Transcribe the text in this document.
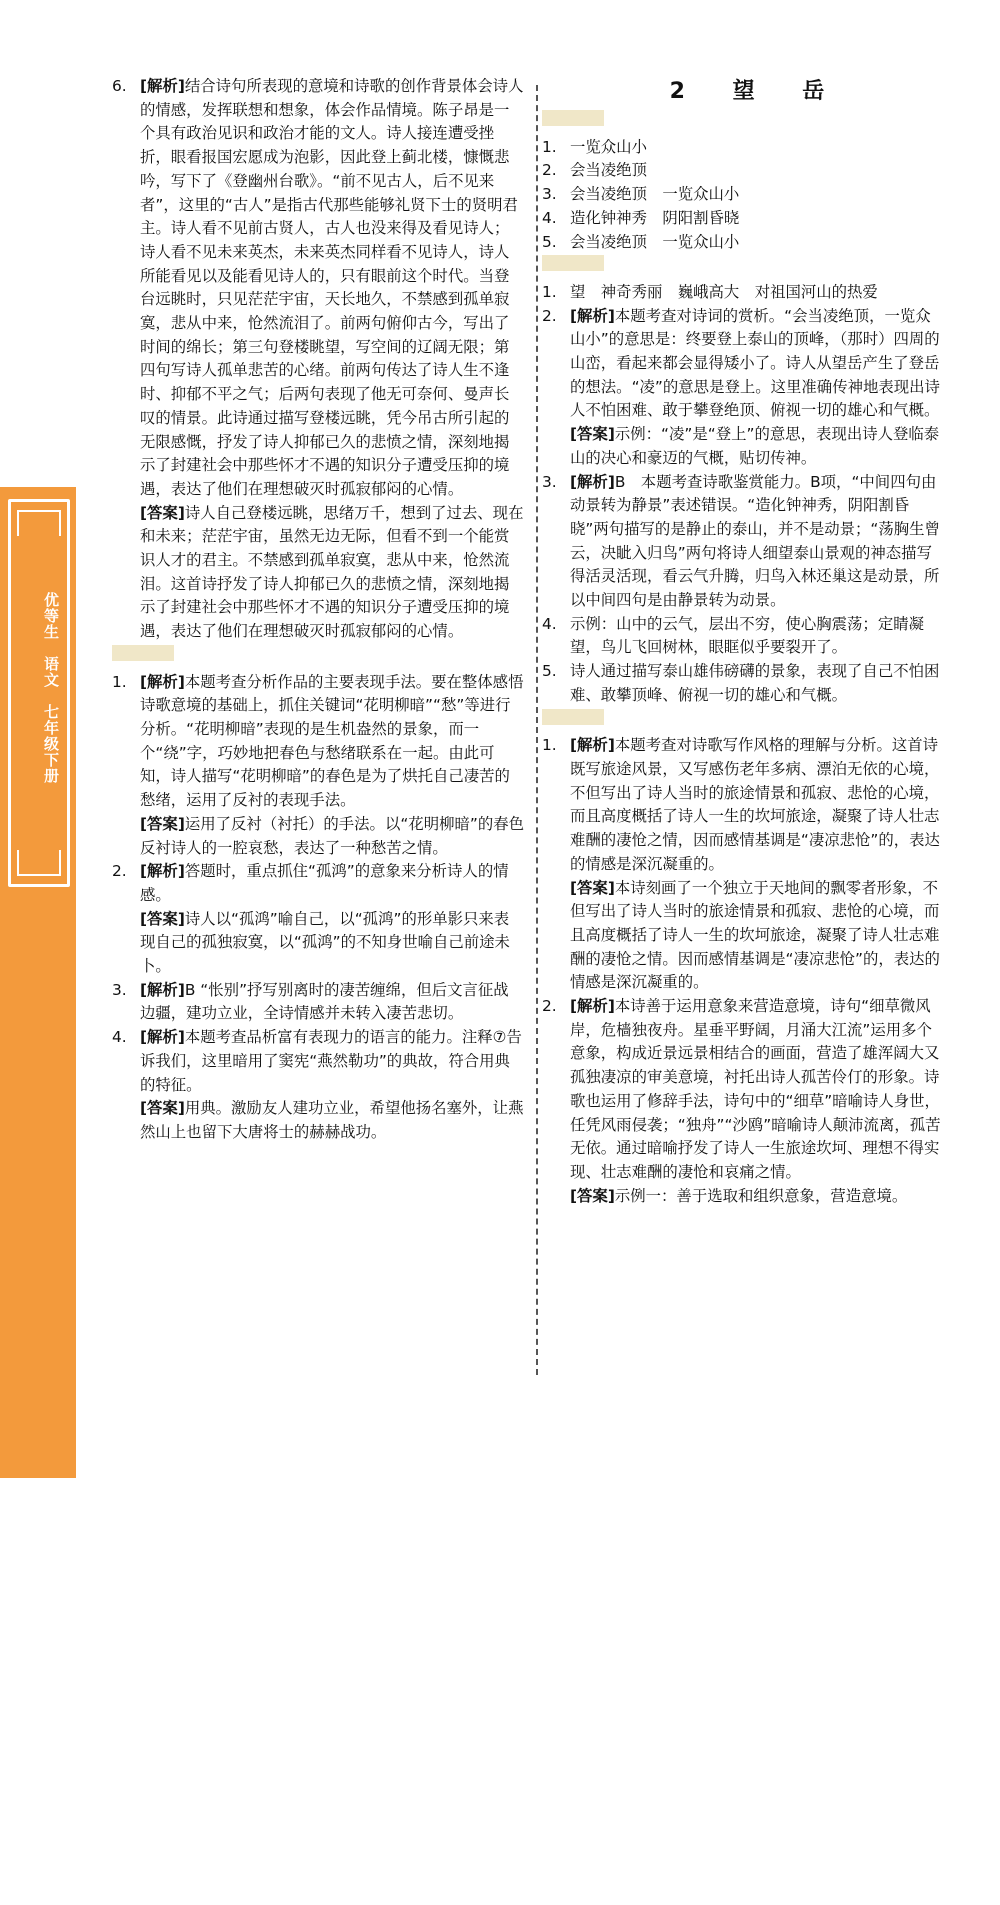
优等生 语文 七年级下册
74
6. [解析]结合诗句所表现的意境和诗歌的创作背景体会诗人的情感，发挥联想和想象，体会作品情境。陈子昂是一个具有政治见识和政治才能的文人。诗人接连遭受挫折，眼看报国宏愿成为泡影，因此登上蓟北楼，慷慨悲吟，写下了《登幽州台歌》。“前不见古人，后不见来者”，这里的“古人”是指古代那些能够礼贤下士的贤明君主。诗人看不见前古贤人，古人也没来得及看见诗人；诗人看不见未来英杰，未来英杰同样看不见诗人，诗人所能看见以及能看见诗人的，只有眼前这个时代。当登台远眺时，只见茫茫宇宙，天长地久，不禁感到孤单寂寞，悲从中来，怆然流泪了。前两句俯仰古今，写出了时间的绵长；第三句登楼眺望，写空间的辽阔无限；第四句写诗人孤单悲苦的心绪。前两句传达了诗人生不逢时、抑郁不平之气；后两句表现了他无可奈何、曼声长叹的情景。此诗通过描写登楼远眺，凭今吊古所引起的无限感慨，抒发了诗人抑郁已久的悲愤之情，深刻地揭示了封建社会中那些怀才不遇的知识分子遭受压抑的境遇，表达了他们在理想破灭时孤寂郁闷的心情。

[答案]诗人自己登楼远眺，思绪万千，想到了过去、现在和未来；茫茫宇宙，虽然无边无际，但看不到一个能赏识人才的君主。不禁感到孤单寂寞，悲从中来，怆然流泪。这首诗抒发了诗人抑郁已久的悲愤之情，深刻地揭示了封建社会中那些怀才不遇的知识分子遭受压抑的境遇，表达了他们在理想破灭时孤寂郁闷的心情。

1. [解析]本题考查分析作品的主要表现手法。要在整体感悟诗歌意境的基础上，抓住关键词“花明柳暗”“愁”等进行分析。“花明柳暗”表现的是生机盎然的景象，而一个“绕”字，巧妙地把春色与愁绪联系在一起。由此可知，诗人描写“花明柳暗”的春色是为了烘托自己凄苦的愁绪，运用了反衬的表现手法。

[答案]运用了反衬（衬托）的手法。以“花明柳暗”的春色反衬诗人的一腔哀愁，表达了一种愁苦之情。

2. [解析]答题时，重点抓住“孤鸿”的意象来分析诗人的情感。

[答案]诗人以“孤鸿”喻自己，以“孤鸿”的形单影只来表现自己的孤独寂寞，以“孤鸿”的不知身世喻自己前途未卜。

3. [解析]B “怅别”抒写别离时的凄苦缠绵，但后文言征战边疆，建功立业，全诗情感并未转入凄苦悲切。
4. [解析]本题考查品析富有表现力的语言的能力。注释⑦告诉我们，这里暗用了窦宪“燕然勒功”的典故，符合用典的特征。

[答案]用典。激励友人建功立业，希望他扬名塞外，让燕然山上也留下大唐将士的赫赫战功。

2 望 岳
1. 一览众山小
2. 会当凌绝顶
3. 会当凌绝顶　一览众山小
4. 造化钟神秀　阴阳割昏晓
5. 会当凌绝顶　一览众山小
1. 望　神奇秀丽　巍峨高大　对祖国河山的热爱
2. [解析]本题考查对诗词的赏析。“会当凌绝顶，一览众山小”的意思是：终要登上泰山的顶峰，（那时）四周的山峦，看起来都会显得矮小了。诗人从望岳产生了登岳的想法。“凌”的意思是登上。这里准确传神地表现出诗人不怕困难、敢于攀登绝顶、俯视一切的雄心和气概。

[答案]示例：“凌”是“登上”的意思，表现出诗人登临泰山的决心和豪迈的气概，贴切传神。

3. [解析]B　本题考查诗歌鉴赏能力。B项，“中间四句由动景转为静景”表述错误。“造化钟神秀，阴阳割昏晓”两句描写的是静止的泰山，并不是动景；“荡胸生曾云，决眦入归鸟”两句将诗人细望泰山景观的神态描写得活灵活现，看云气升腾，归鸟入林还巢这是动景，所以中间四句是由静景转为动景。
4. 示例：山中的云气，层出不穷，使心胸震荡；定睛凝望，鸟儿飞回树林，眼眶似乎要裂开了。
5. 诗人通过描写泰山雄伟磅礴的景象，表现了自己不怕困难、敢攀顶峰、俯视一切的雄心和气概。
1. [解析]本题考查对诗歌写作风格的理解与分析。这首诗既写旅途风景，又写感伤老年多病、漂泊无依的心境，不但写出了诗人当时的旅途情景和孤寂、悲怆的心境，而且高度概括了诗人一生的坎坷旅途，凝聚了诗人壮志难酬的凄怆之情，因而感情基调是“凄凉悲怆”的，表达的情感是深沉凝重的。

[答案]本诗刻画了一个独立于天地间的飘零者形象，不但写出了诗人当时的旅途情景和孤寂、悲怆的心境，而且高度概括了诗人一生的坎坷旅途，凝聚了诗人壮志难酬的凄怆之情。因而感情基调是“凄凉悲怆”的，表达的情感是深沉凝重的。

2. [解析]本诗善于运用意象来营造意境，诗句“细草微风岸，危樯独夜舟。星垂平野阔，月涌大江流”运用多个意象，构成近景远景相结合的画面，营造了雄浑阔大又孤独凄凉的审美意境，衬托出诗人孤苦伶仃的形象。诗歌也运用了修辞手法，诗句中的“细草”暗喻诗人身世，任凭风雨侵袭；“独舟”“沙鸥”暗喻诗人颠沛流离，孤苦无依。通过暗喻抒发了诗人一生旅途坎坷、理想不得实现、壮志难酬的凄怆和哀痛之情。

[答案]示例一：善于选取和组织意象，营造意境。
